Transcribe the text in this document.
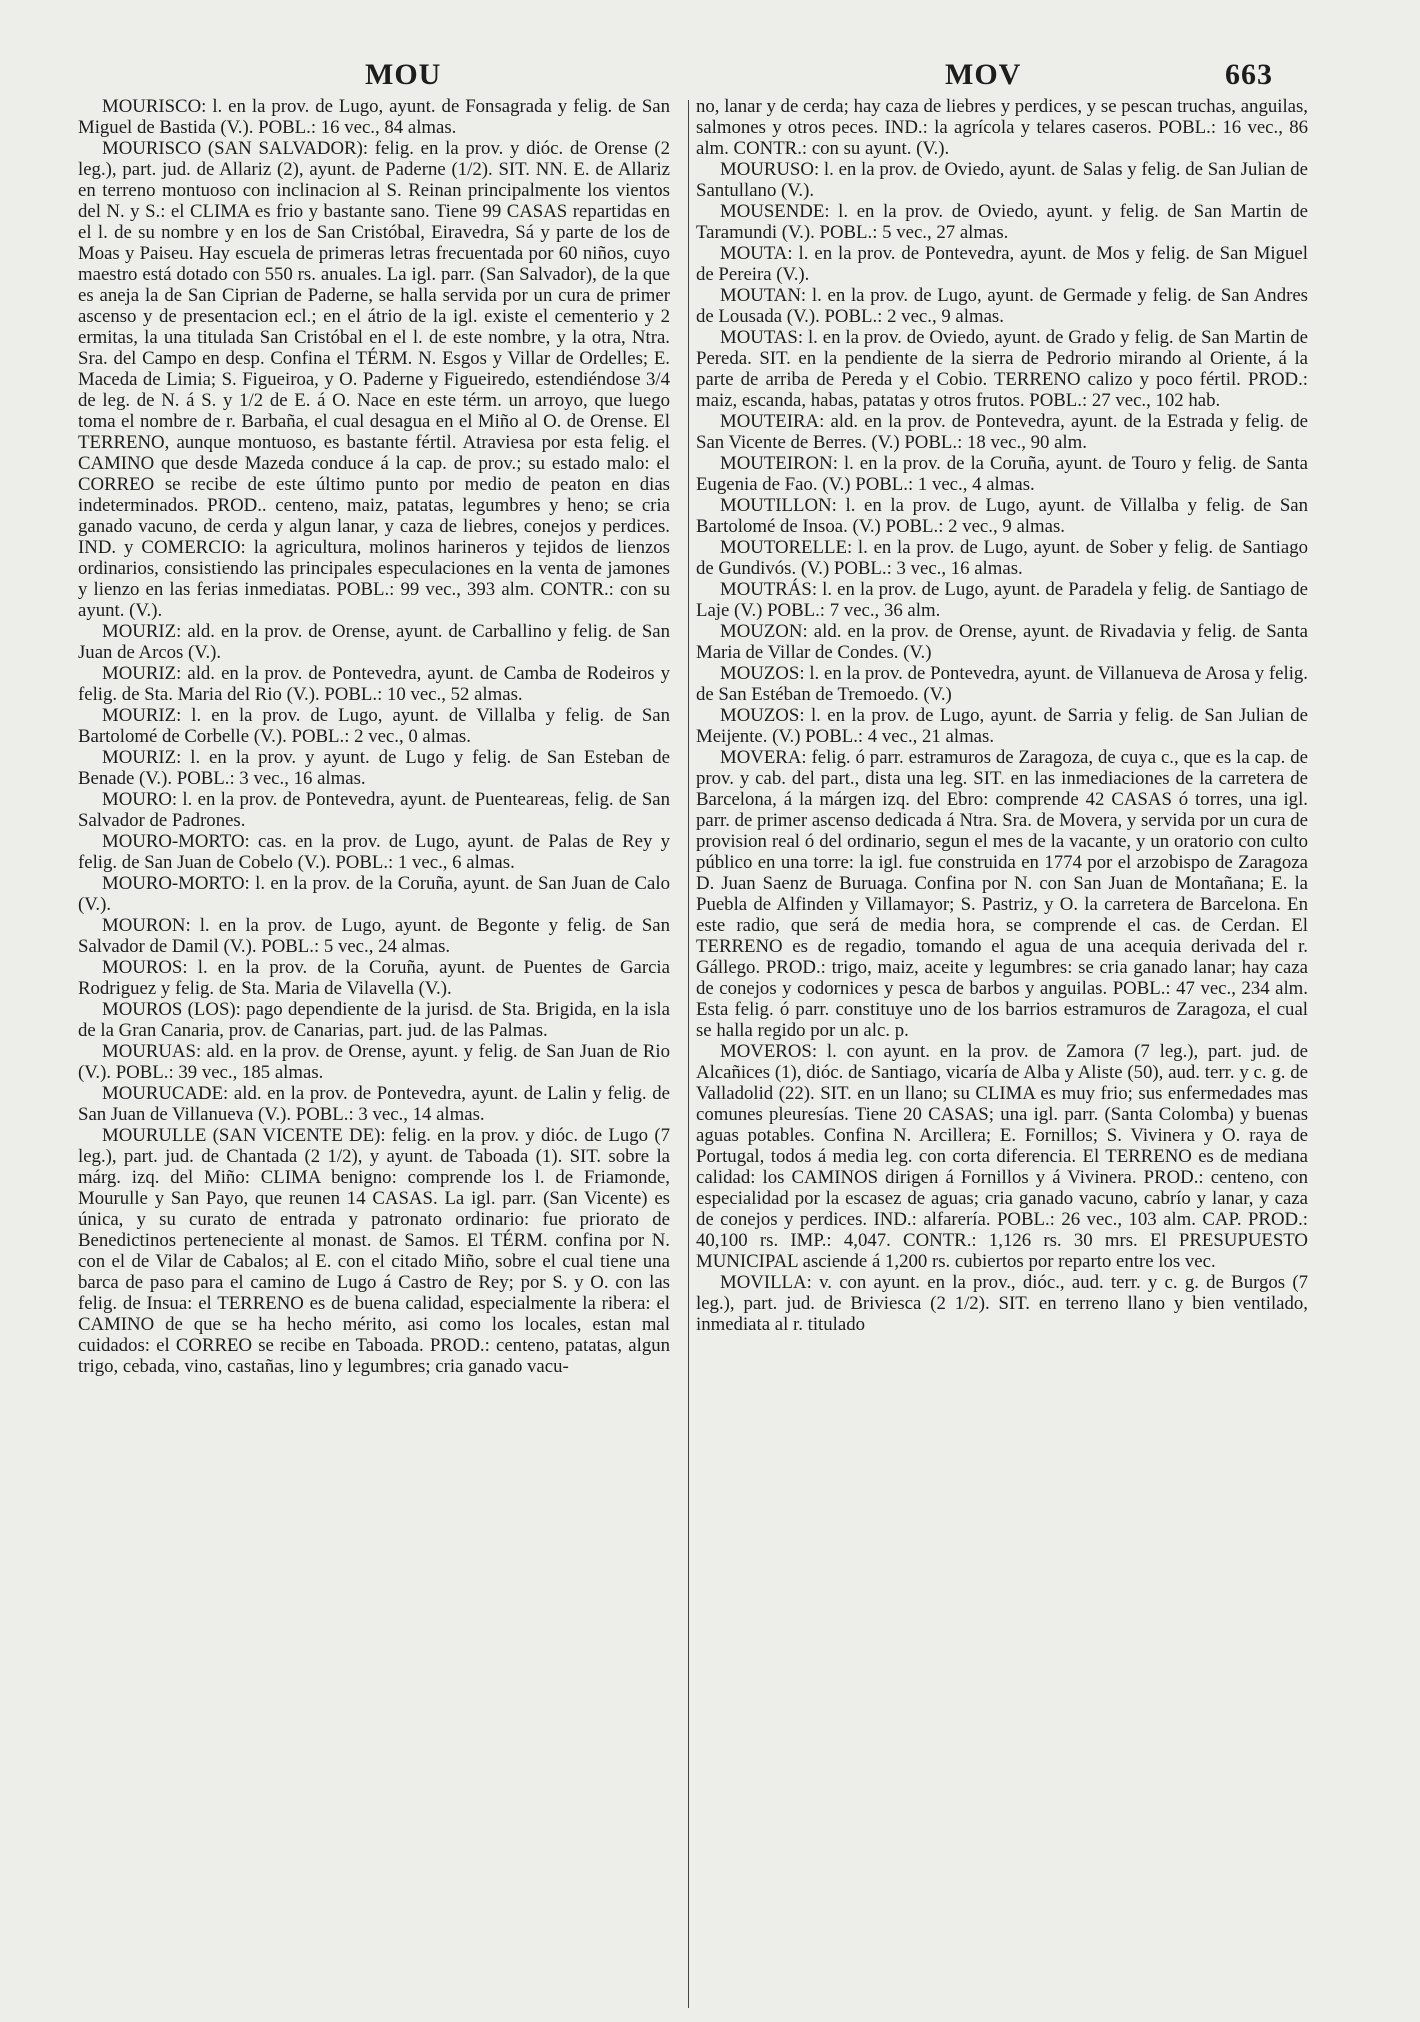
MOU	MOV	663

MOURISCO: l. en la prov. de Lugo, ayunt. de Fonsagrada y felig. de San Miguel de Bastida (V.). POBL.: 16 vec., 84 almas.

MOURISCO (SAN SALVADOR): felig. en la prov. y dióc. de Orense (2 leg.), part. jud. de Allariz (2), ayunt. de Paderne (1/2). SIT. NN. E. de Allariz en terreno montuoso con inclinacion al S. Reinan principalmente los vientos del N. y S.: el CLIMA es frio y bastante sano. Tiene 99 CASAS repartidas en el l. de su nombre y en los de San Cristóbal, Eiravedra, Sá y parte de los de Moas y Paiseu. Hay escuela de primeras letras frecuentada por 60 niños, cuyo maestro está dotado con 550 rs. anuales. La igl. parr. (San Salvador), de la que es aneja la de San Ciprian de Paderne, se halla servida por un cura de primer ascenso y de presentacion ecl.; en el átrio de la igl. existe el cementerio y 2 ermitas, la una titulada San Cristóbal en el l. de este nombre, y la otra, Ntra. Sra. del Campo en desp. Confina el TÉRM. N. Esgos y Villar de Ordelles; E. Maceda de Limia; S. Figueiroa, y O. Paderne y Figueiredo, estendiéndose 3/4 de leg. de N. á S. y 1/2 de E. á O. Nace en este térm. un arroyo, que luego toma el nombre de r. Barbaña, el cual desagua en el Miño al O. de Orense. El TERRENO, aunque montuoso, es bastante fértil. Atraviesa por esta felig. el CAMINO que desde Mazeda conduce á la cap. de prov.; su estado malo: el CORREO se recibe de este último punto por medio de peaton en dias indeterminados. PROD.. centeno, maiz, patatas, legumbres y heno; se cria ganado vacuno, de cerda y algun lanar, y caza de liebres, conejos y perdices. IND. y COMERCIO: la agricultura, molinos harineros y tejidos de lienzos ordinarios, consistiendo las principales especulaciones en la venta de jamones y lienzo en las ferias inmediatas. POBL.: 99 vec., 393 alm. CONTR.: con su ayunt. (V.).

MOURIZ: ald. en la prov. de Orense, ayunt. de Carballino y felig. de San Juan de Arcos (V.).

MOURIZ: ald. en la prov. de Pontevedra, ayunt. de Camba de Rodeiros y felig. de Sta. Maria del Rio (V.). POBL.: 10 vec., 52 almas.

MOURIZ: l. en la prov. de Lugo, ayunt. de Villalba y felig. de San Bartolomé de Corbelle (V.). POBL.: 2 vec., 0 almas.

MOURIZ: l. en la prov. y ayunt. de Lugo y felig. de San Esteban de Benade (V.). POBL.: 3 vec., 16 almas.

MOURO: l. en la prov. de Pontevedra, ayunt. de Puenteareas, felig. de San Salvador de Padrones.

MOURO-MORTO: cas. en la prov. de Lugo, ayunt. de Palas de Rey y felig. de San Juan de Cobelo (V.). POBL.: 1 vec., 6 almas.

MOURO-MORTO: l. en la prov. de la Coruña, ayunt. de San Juan de Calo (V.).

MOURON: l. en la prov. de Lugo, ayunt. de Begonte y felig. de San Salvador de Damil (V.). POBL.: 5 vec., 24 almas.

MOUROS: l. en la prov. de la Coruña, ayunt. de Puentes de Garcia Rodriguez y felig. de Sta. Maria de Vilavella (V.).

MOUROS (LOS): pago dependiente de la jurisd. de Sta. Brigida, en la isla de la Gran Canaria, prov. de Canarias, part. jud. de las Palmas.

MOURUAS: ald. en la prov. de Orense, ayunt. y felig. de San Juan de Rio (V.). POBL.: 39 vec., 185 almas.

MOURUCADE: ald. en la prov. de Pontevedra, ayunt. de Lalin y felig. de San Juan de Villanueva (V.). POBL.: 3 vec., 14 almas.

MOURULLE (SAN VICENTE DE): felig. en la prov. y dióc. de Lugo (7 leg.), part. jud. de Chantada (2 1/2), y ayunt. de Taboada (1). SIT. sobre la márg. izq. del Miño: CLIMA benigno: comprende los l. de Friamonde, Mourulle y San Payo, que reunen 14 CASAS. La igl. parr. (San Vicente) es única, y su curato de entrada y patronato ordinario: fue priorato de Benedictinos perteneciente al monast. de Samos. El TÉRM. confina por N. con el de Vilar de Cabalos; al E. con el citado Miño, sobre el cual tiene una barca de paso para el camino de Lugo á Castro de Rey; por S. y O. con las felig. de Insua: el TERRENO es de buena calidad, especialmente la ribera: el CAMINO de que se ha hecho mérito, asi como los locales, estan mal cuidados: el CORREO se recibe en Taboada. PROD.: centeno, patatas, algun trigo, cebada, vino, castañas, lino y legumbres; cria ganado vacu-

no, lanar y de cerda; hay caza de liebres y perdices, y se pescan truchas, anguilas, salmones y otros peces. IND.: la agrícola y telares caseros. POBL.: 16 vec., 86 alm. CONTR.: con su ayunt. (V.).

MOURUSO: l. en la prov. de Oviedo, ayunt. de Salas y felig. de San Julian de Santullano (V.).

MOUSENDE: l. en la prov. de Oviedo, ayunt. y felig. de San Martin de Taramundi (V.). POBL.: 5 vec., 27 almas.

MOUTA: l. en la prov. de Pontevedra, ayunt. de Mos y felig. de San Miguel de Pereira (V.).

MOUTAN: l. en la prov. de Lugo, ayunt. de Germade y felig. de San Andres de Lousada (V.). POBL.: 2 vec., 9 almas.

MOUTAS: l. en la prov. de Oviedo, ayunt. de Grado y felig. de San Martin de Pereda. SIT. en la pendiente de la sierra de Pedrorio mirando al Oriente, á la parte de arriba de Pereda y el Cobio. TERRENO calizo y poco fértil. PROD.: maiz, escanda, habas, patatas y otros frutos. POBL.: 27 vec., 102 hab.

MOUTEIRA: ald. en la prov. de Pontevedra, ayunt. de la Estrada y felig. de San Vicente de Berres. (V.) POBL.: 18 vec., 90 alm.

MOUTEIRON: l. en la prov. de la Coruña, ayunt. de Touro y felig. de Santa Eugenia de Fao. (V.) POBL.: 1 vec., 4 almas.

MOUTILLON: l. en la prov. de Lugo, ayunt. de Villalba y felig. de San Bartolomé de Insoa. (V.) POBL.: 2 vec., 9 almas.

MOUTORELLE: l. en la prov. de Lugo, ayunt. de Sober y felig. de Santiago de Gundivós. (V.) POBL.: 3 vec., 16 almas.

MOUTRÁS: l. en la prov. de Lugo, ayunt. de Paradela y felig. de Santiago de Laje (V.) POBL.: 7 vec., 36 alm.

MOUZON: ald. en la prov. de Orense, ayunt. de Rivadavia y felig. de Santa Maria de Villar de Condes. (V.)

MOUZOS: l. en la prov. de Pontevedra, ayunt. de Villanueva de Arosa y felig. de San Estéban de Tremoedo. (V.)

MOUZOS: l. en la prov. de Lugo, ayunt. de Sarria y felig. de San Julian de Meijente. (V.) POBL.: 4 vec., 21 almas.

MOVERA: felig. ó parr. estramuros de Zaragoza, de cuya c., que es la cap. de prov. y cab. del part., dista una leg. SIT. en las inmediaciones de la carretera de Barcelona, á la márgen izq. del Ebro: comprende 42 CASAS ó torres, una igl. parr. de primer ascenso dedicada á Ntra. Sra. de Movera, y servida por un cura de provision real ó del ordinario, segun el mes de la vacante, y un oratorio con culto público en una torre: la igl. fue construida en 1774 por el arzobispo de Zaragoza D. Juan Saenz de Buruaga. Confina por N. con San Juan de Montañana; E. la Puebla de Alfinden y Villamayor; S. Pastriz, y O. la carretera de Barcelona. En este radio, que será de media hora, se comprende el cas. de Cerdan. El TERRENO es de regadio, tomando el agua de una acequia derivada del r. Gállego. PROD.: trigo, maiz, aceite y legumbres: se cria ganado lanar; hay caza de conejos y codornices y pesca de barbos y anguilas. POBL.: 47 vec., 234 alm. Esta felig. ó parr. constituye uno de los barrios estramuros de Zaragoza, el cual se halla regido por un alc. p.

MOVEROS: l. con ayunt. en la prov. de Zamora (7 leg.), part. jud. de Alcañices (1), dióc. de Santiago, vicaría de Alba y Aliste (50), aud. terr. y c. g. de Valladolid (22). SIT. en un llano; su CLIMA es muy frio; sus enfermedades mas comunes pleuresías. Tiene 20 CASAS; una igl. parr. (Santa Colomba) y buenas aguas potables. Confina N. Arcillera; E. Fornillos; S. Vivinera y O. raya de Portugal, todos á media leg. con corta diferencia. El TERRENO es de mediana calidad: los CAMINOS dirigen á Fornillos y á Vivinera. PROD.: centeno, con especialidad por la escasez de aguas; cria ganado vacuno, cabrío y lanar, y caza de conejos y perdices. IND.: alfarería. POBL.: 26 vec., 103 alm. CAP. PROD.: 40,100 rs. IMP.: 4,047. CONTR.: 1,126 rs. 30 mrs. El PRESUPUESTO MUNICIPAL asciende á 1,200 rs. cubiertos por reparto entre los vec.

MOVILLA: v. con ayunt. en la prov., dióc., aud. terr. y c. g. de Burgos (7 leg.), part. jud. de Briviesca (2 1/2). SIT. en terreno llano y bien ventilado, inmediata al r. titulado
